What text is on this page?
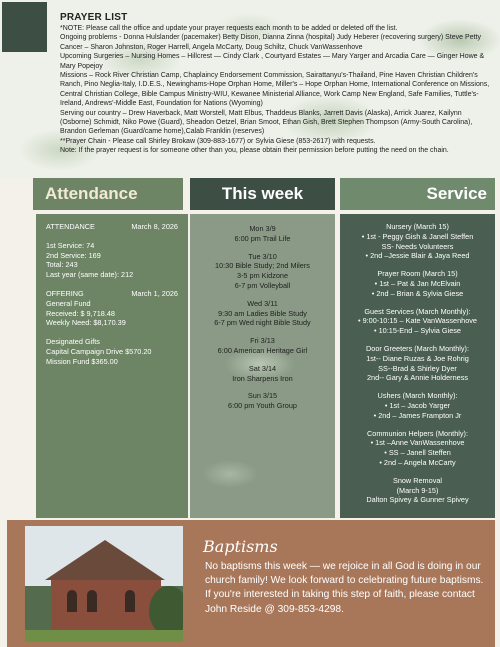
PRAYER LIST
*NOTE: Please call the office and update your prayer requests each month to be added or deleted off the list.
Ongoing problems - Donna Hulslander (pacemaker) Betty Dison, Dianna Zinna (hospital) Judy Heberer (recovering surgery) Steve Petty
Cancer – Sharon Johnston, Roger Harrell, Angela McCarty, Doug Schiltz, Chuck VanWassenhove
Upcoming Surgeries – Nursing Homes – Hillcrest — Cindy Clark , Courtyard Estates — Mary Yarger and Arcadia Care — Ginger Howe & Mary Popejoy
Missions – Rock River Christian Camp, Chaplaincy Endorsement Commission, Sairattanyu's-Thailand, Pine Haven Christian Children's Ranch, Pino Neglia-Italy, I.D.E.S., Newinghams-Hope Orphan Home, Miller's – Hope Orphan Home, International Conference on Missions, Central Christian College, Bible Campus Ministry-WIU, Kewanee Ministerial Alliance, Work Camp New England, Safe Families, Tuttle's-Ireland, Andrews'-Middle East, Foundation for Nations (Wyoming)
Serving our country – Drew Haverback, Matt Worstell, Matt Elbus, Thaddeus Blanks, Jarrett Davis (Alaska), Arrick Juarez, Kailynn (Osborne) Schmidt, Niko Powe (Guard), Sheadon Oetzel, Brian Smoot, Ethan Gish, Brett Stephen Thompson (Army-South Carolina), Brandon Gerleman (Guard/came home),Calab Franklin (reserves)
**Prayer Chain - Please call Shirley Brokaw (309-883-1677) or Sylvia Giese (853-2617) with requests.
Note: If the prayer request is for someone other than you, please obtain their permission before putting the need on the chain.
Attendance	This week	Service
ATTENDANCE	March 8, 2026
1st Service: 74
2nd Service: 169
Total: 243
Last year (same date): 212
OFFERING	March 1, 2026
General Fund
Received: $ 9,718.48
Weekly Need: $8,170.39
Designated Gifts
Capital Campaign Drive $570.20
Mission Fund $365.00
Mon 3/9
6:00 pm Trail Life
Tue 3/10
10:30 Bible Study; 2nd Milers
3-5 pm Kidzone
6-7 pm Volleyball
Wed 3/11
9:30 am Ladies Bible Study
6-7 pm Wed night Bible Study
Fri 3/13
6:00 American Heritage Girl
Sat 3/14
Iron Sharpens Iron
Sun 3/15
6:00 pm Youth Group
Nursery (March 15)
• 1st - Peggy Gish & Janell Steffen
SS- Needs Volunteers
• 2nd –Jessie Blair & Jaya Reed
Prayer Room (March 15)
• 1st – Pat & Jan McElvain
• 2nd – Brian & Sylvia Giese
Guest Services (March Monthly):
• 9:00-10:15 – Kate VanWassenhove
• 10:15-End – Sylvia Giese
Door Greeters (March Monthly):
1st-- Diane Ruzas & Joe Rohrig
SS--Brad & Shirley Dyer
2nd-- Gary & Annie Holderness
Ushers (March Monthly):
• 1st – Jacob Yarger
• 2nd – James Frampton Jr
Communion Helpers (Monthly):
• 1st –Anne VanWassenhove
• SS – Janell Steffen
• 2nd – Angela McCarty
Snow Removal
(March 9-15)
Dalton Spivey & Gunner Spivey
Baptisms
No baptisms this week — we rejoice in all God is doing in our church family! We look forward to celebrating future baptisms. If you're interested in taking this step of faith, please contact John Reside @ 309-853-4298.
